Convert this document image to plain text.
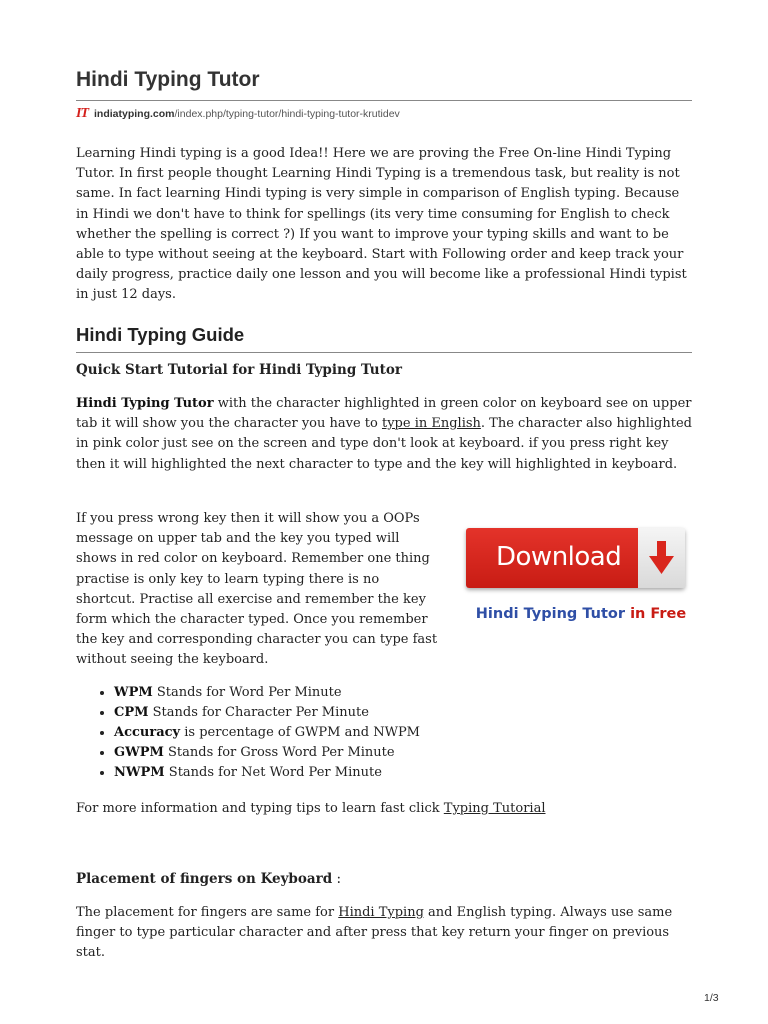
Hindi Typing Tutor
IT indiatyping.com /index.php/typing-tutor/hindi-typing-tutor-krutidev

Learning Hindi typing is a good Idea!! Here we are proving the Free On-line Hindi Typing Tutor. In first people thought Learning Hindi Typing is a tremendous task, but reality is not same. In fact learning Hindi typing is very simple in comparison of English typing. Because in Hindi we don't have to think for spellings (its very time consuming for English to check whether the spelling is correct ?) If you want to improve your typing skills and want to be able to type without seeing at the keyboard. Start with Following order and keep track your daily progress, practice daily one lesson and you will become like a professional Hindi typist in just 12 days.

Hindi Typing Guide
Quick Start Tutorial for Hindi Typing Tutor

Hindi Typing Tutor with the character highlighted in green color on keyboard see on upper tab it will show you the character you have to type in English. The character also highlighted in pink color just see on the screen and type don't look at keyboard. if you press right key then it will highlighted the next character to type and the key will highlighted in keyboard.

If you press wrong key then it will show you a OOPs message on upper tab and the key you typed will shows in red color on keyboard. Remember one thing practise is only key to learn typing there is no shortcut. Practise all exercise and remember the key form which the character typed. Once you remember the key and corresponding character you can type fast without seeing the keyboard.

Download
Hindi Typing Tutor in Free
• WPM Stands for Word Per Minute
• CPM Stands for Character Per Minute
• Accuracy is percentage of GWPM and NWPM
• GWPM Stands for Gross Word Per Minute
• NWPM Stands for Net Word Per Minute

For more information and typing tips to learn fast click Typing Tutorial

Placement of fingers on Keyboard :

The placement for fingers are same for Hindi Typing and English typing. Always use same finger to type particular character and after press that key return your finger on previous stat.

1/3
